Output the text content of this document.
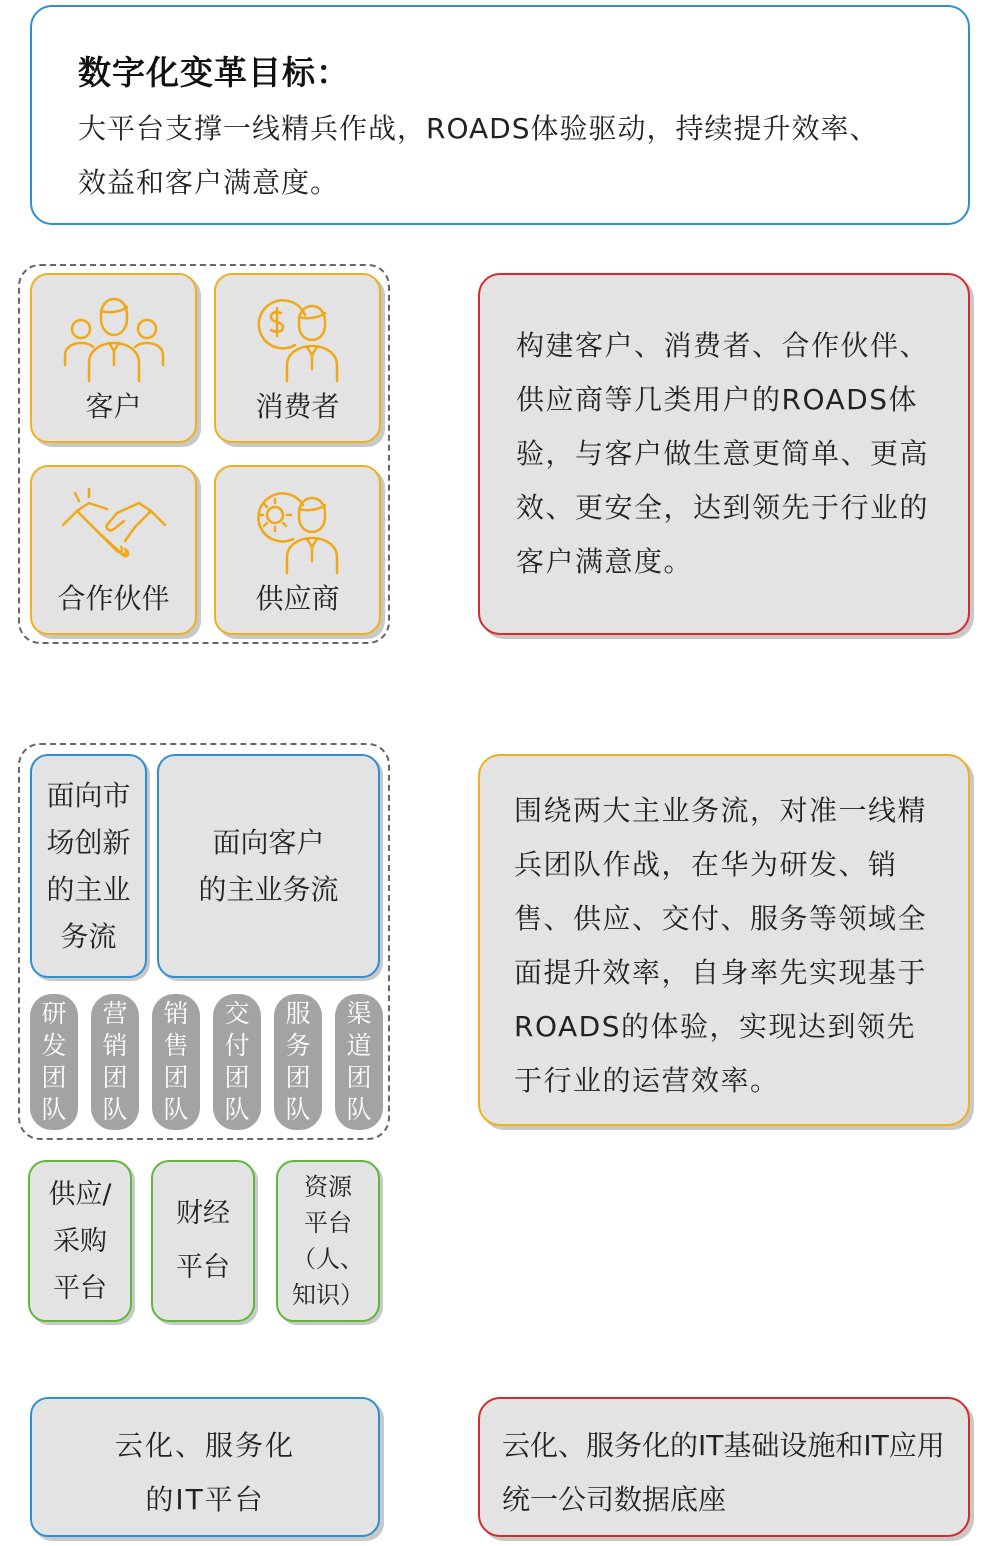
数字化变革目标：
大平台支撑一线精兵作战，ROADS体验驱动，持续提升效率、
效益和客户满意度。
客户	消费者
合作伙伴	供应商

构建客户、消费者、合作伙伴、

供应商等几类用户的ROADS体

验，与客户做生意更简单、更高

效、更安全，达到领先于行业的

客户满意度。

面向市
场创新
的主业
务流
面向客户
的主业务流
研
发
团
队
营
销
团
队
销
售
团
队
交
付
团
队
服
务
团
队
渠
道
团
队

围绕两大主业务流，对准一线精

兵团队作战，在华为研发、销

售、供应、交付、服务等领域全

面提升效率，自身率先实现基于

ROADS的体验，实现达到领先

于行业的运营效率。

供应/
采购
平台
财经
平台
资源
平台
（人、
知识）
云化、服务化
的IT平台

云化、服务化的IT基础设施和IT应用

统一公司数据底座
